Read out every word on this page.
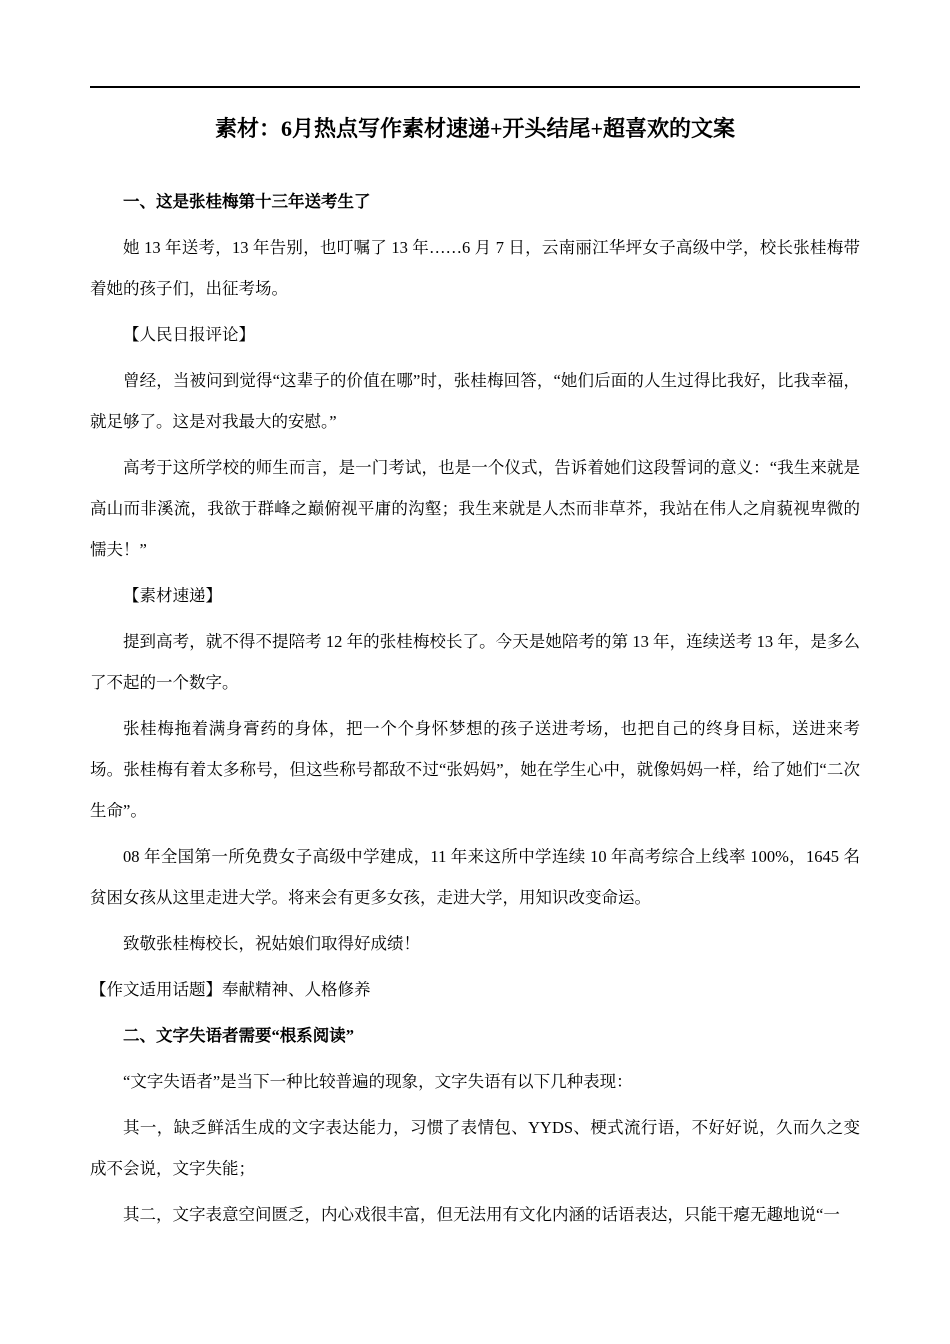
素材：6月热点写作素材速递+开头结尾+超喜欢的文案

一、这是张桂梅第十三年送考生了

她 13 年送考，13 年告别，也叮嘱了 13 年……6 月 7 日，云南丽江华坪女子高级中学，校长张桂梅带着她的孩子们，出征考场。

【人民日报评论】

曾经，当被问到觉得“这辈子的价值在哪”时，张桂梅回答，“她们后面的人生过得比我好，比我幸福，就足够了。这是对我最大的安慰。”

高考于这所学校的师生而言，是一门考试，也是一个仪式，告诉着她们这段誓词的意义：“我生来就是高山而非溪流，我欲于群峰之巅俯视平庸的沟壑；我生来就是人杰而非草芥，我站在伟人之肩藐视卑微的懦夫！”

【素材速递】

提到高考，就不得不提陪考 12 年的张桂梅校长了。今天是她陪考的第 13 年，连续送考 13 年，是多么了不起的一个数字。

张桂梅拖着满身膏药的身体，把一个个身怀梦想的孩子送进考场，也把自己的终身目标，送进来考场。张桂梅有着太多称号，但这些称号都敌不过“张妈妈”，她在学生心中，就像妈妈一样，给了她们“二次生命”。

08 年全国第一所免费女子高级中学建成，11 年来这所中学连续 10 年高考综合上线率 100%，1645 名贫困女孩从这里走进大学。将来会有更多女孩，走进大学，用知识改变命运。

致敬张桂梅校长，祝姑娘们取得好成绩！

【作文适用话题】奉献精神、人格修养

二、文字失语者需要“根系阅读”

“文字失语者”是当下一种比较普遍的现象，文字失语有以下几种表现：

其一，缺乏鲜活生成的文字表达能力，习惯了表情包、YYDS、梗式流行语，不好好说，久而久之变成不会说，文字失能；

其二，文字表意空间匮乏，内心戏很丰富，但无法用有文化内涵的话语表达，只能干瘪无趣地说“一
